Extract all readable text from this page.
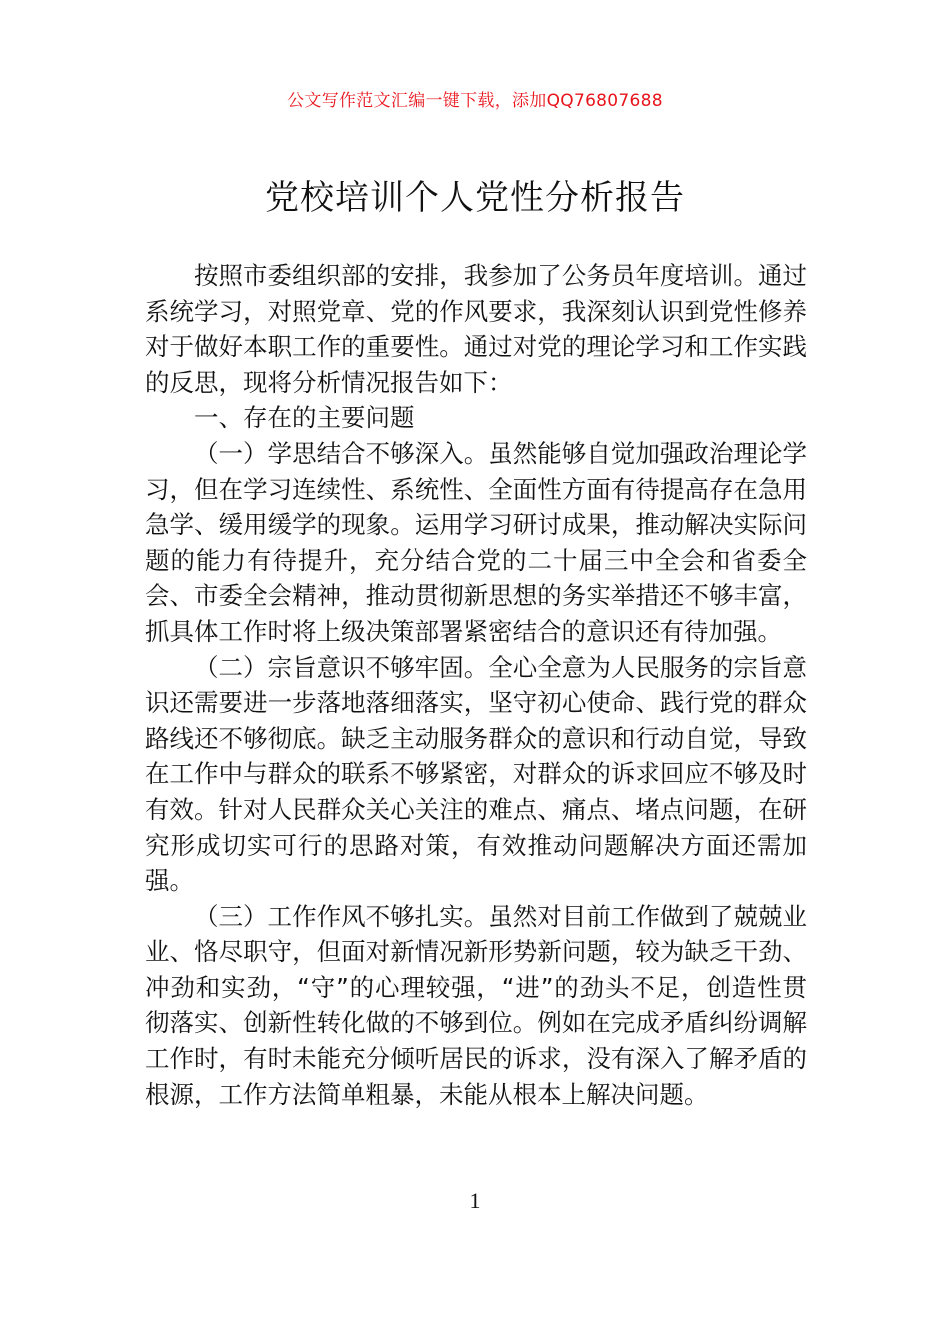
公文写作范文汇编一键下载，添加QQ76807688
党校培训个人党性分析报告

按照市委组织部的安排，我参加了公务员年度培训。通过系统学习，对照党章、党的作风要求，我深刻认识到党性修养对于做好本职工作的重要性。通过对党的理论学习和工作实践的反思，现将分析情况报告如下：

一、存在的主要问题

（一）学思结合不够深入。虽然能够自觉加强政治理论学习，但在学习连续性、系统性、全面性方面有待提高存在急用急学、缓用缓学的现象。运用学习研讨成果，推动解决实际问题的能力有待提升，充分结合党的二十届三中全会和省委全会、市委全会精神，推动贯彻新思想的务实举措还不够丰富，抓具体工作时将上级决策部署紧密结合的意识还有待加强。

（二）宗旨意识不够牢固。全心全意为人民服务的宗旨意识还需要进一步落地落细落实，坚守初心使命、践行党的群众路线还不够彻底。缺乏主动服务群众的意识和行动自觉，导致在工作中与群众的联系不够紧密，对群众的诉求回应不够及时有效。针对人民群众关心关注的难点、痛点、堵点问题，在研究形成切实可行的思路对策，有效推动问题解决方面还需加强。

（三）工作作风不够扎实。虽然对目前工作做到了兢兢业业、恪尽职守，但面对新情况新形势新问题，较为缺乏干劲、冲劲和实劲，“守”的心理较强，“进”的劲头不足，创造性贯彻落实、创新性转化做的不够到位。例如在完成矛盾纠纷调解工作时，有时未能充分倾听居民的诉求，没有深入了解矛盾的根源，工作方法简单粗暴，未能从根本上解决问题。

1
